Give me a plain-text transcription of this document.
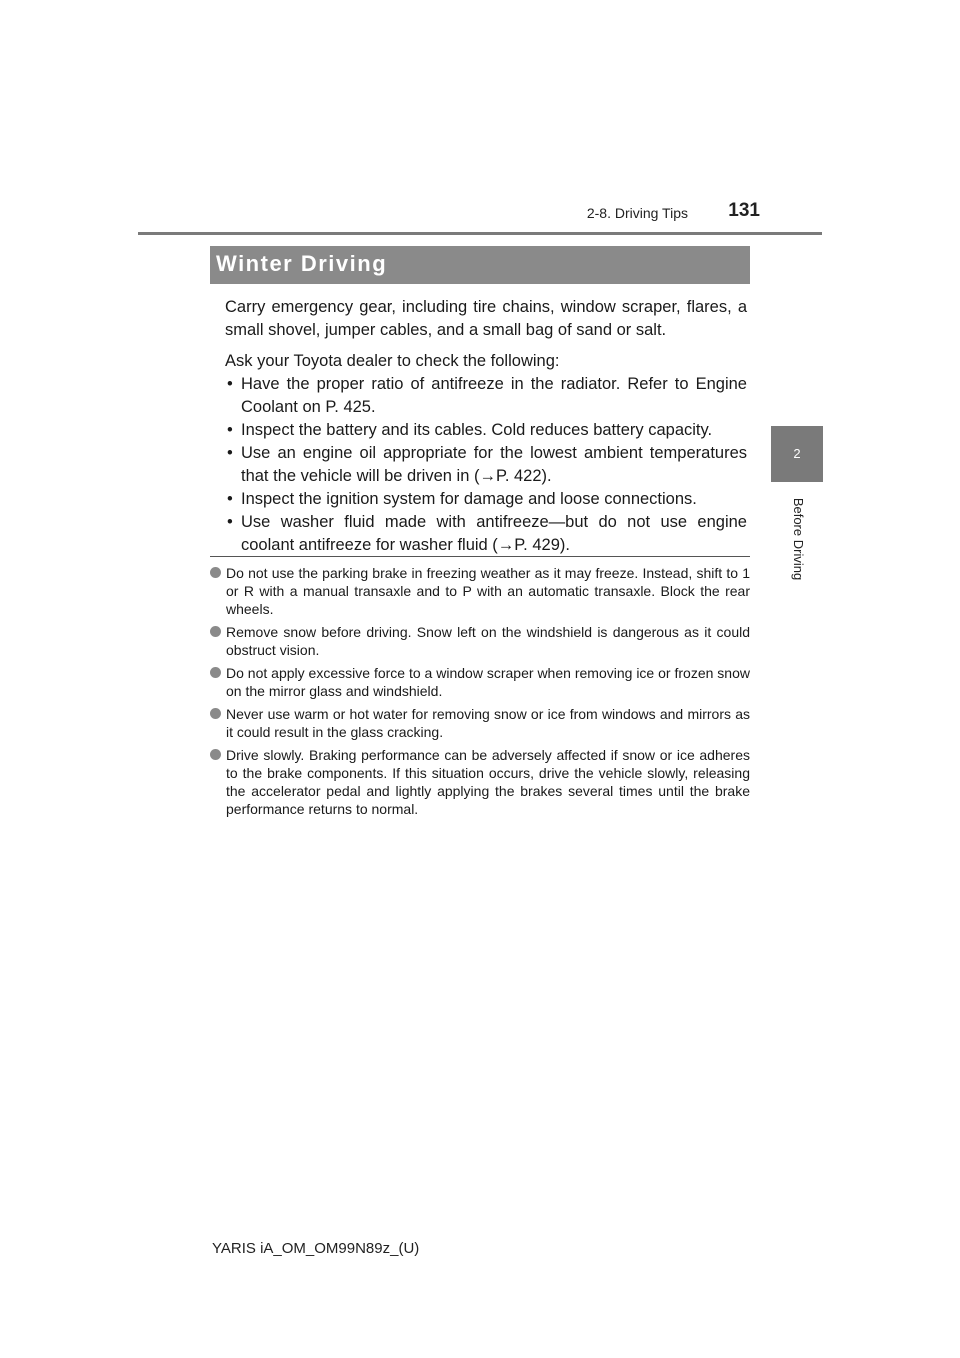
2-8. Driving Tips	131
2
Before Driving
Winter Driving

Carry emergency gear, including tire chains, window scraper, flares, a small shovel, jumper cables, and a small bag of sand or salt.

Ask your Toyota dealer to check the following:

• Have the proper ratio of antifreeze in the radiator. Refer to Engine Coolant on P. 425.
• Inspect the battery and its cables. Cold reduces battery capacity.
• Use an engine oil appropriate for the lowest ambient temperatures that the vehicle will be driven in (→P. 422).
• Inspect the ignition system for damage and loose connections.
• Use washer fluid made with antifreeze—but do not use engine coolant antifreeze for washer fluid (→P. 429).
Do not use the parking brake in freezing weather as it may freeze. Instead, shift to 1 or R with a manual transaxle and to P with an automatic transaxle. Block the rear wheels.
Remove snow before driving. Snow left on the windshield is dangerous as it could obstruct vision.
Do not apply excessive force to a window scraper when removing ice or frozen snow on the mirror glass and windshield.
Never use warm or hot water for removing snow or ice from windows and mirrors as it could result in the glass cracking.
Drive slowly. Braking performance can be adversely affected if snow or ice adheres to the brake components. If this situation occurs, drive the vehicle slowly, releasing the accelerator pedal and lightly applying the brakes several times until the brake performance returns to normal.
YARIS iA_OM_OM99N89z_(U)
